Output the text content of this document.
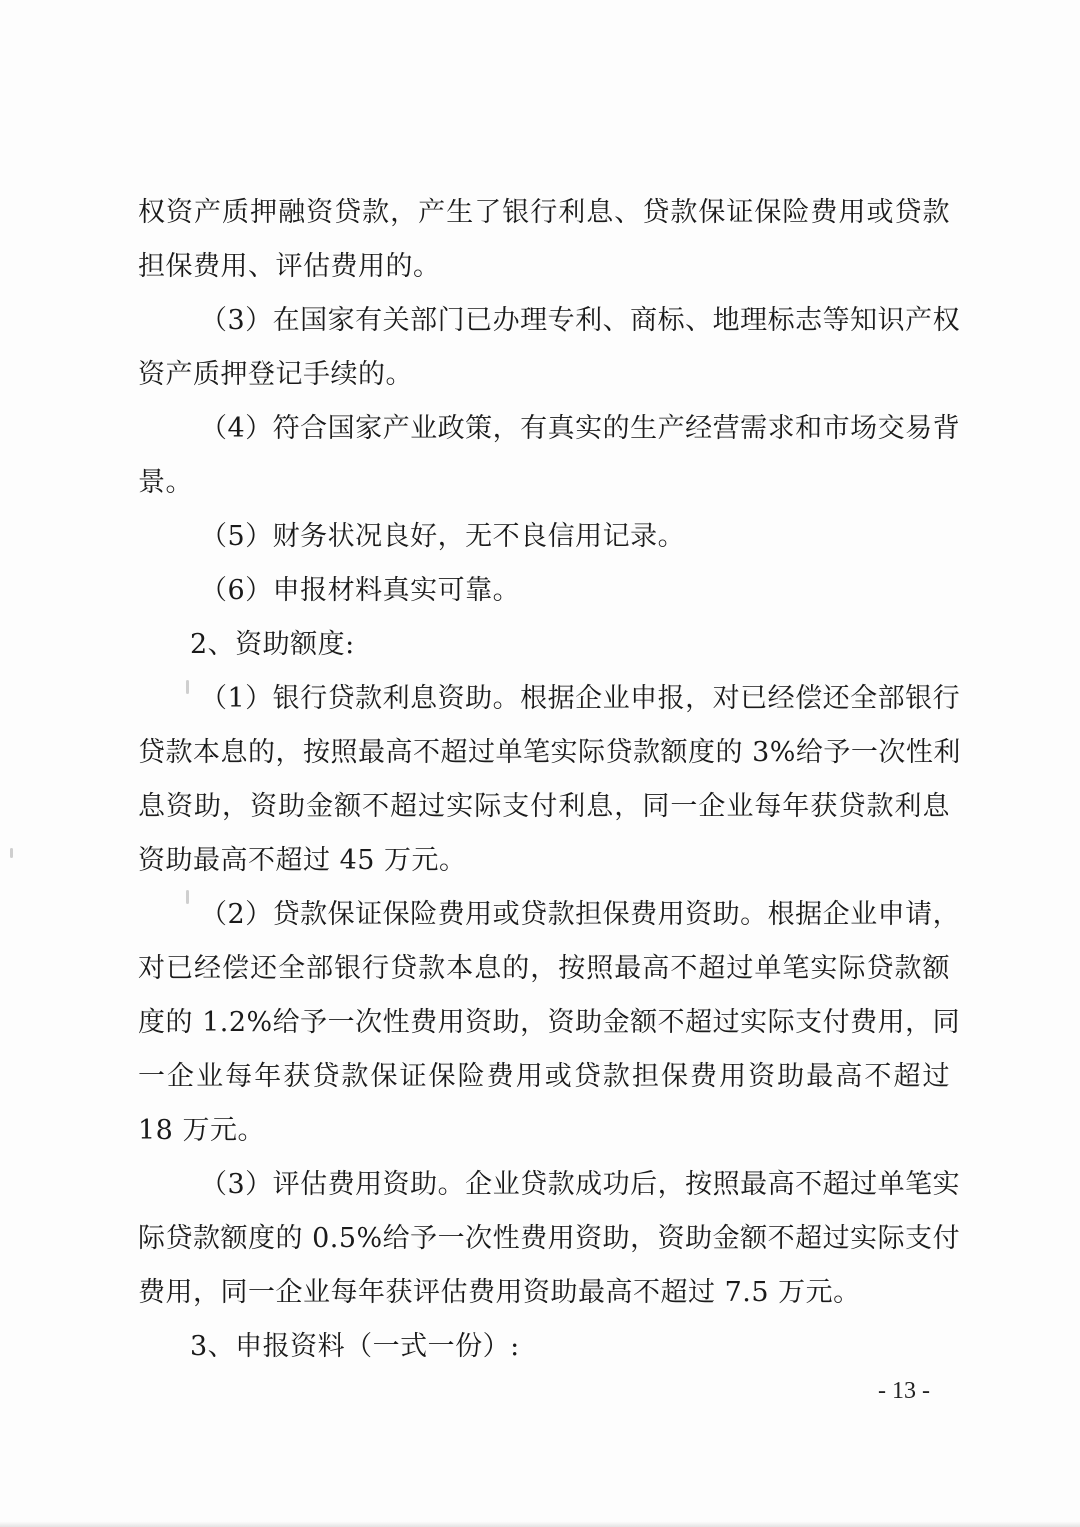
权资产质押融资贷款，产生了银行利息、贷款保证保险费用或贷款
担保费用、评估费用的。
（3）在国家有关部门已办理专利、商标、地理标志等知识产权
资产质押登记手续的。
（4）符合国家产业政策，有真实的生产经营需求和市场交易背
景。
（5）财务状况良好，无不良信用记录。
（6）申报材料真实可靠。
2、资助额度:
（1）银行贷款利息资助。根据企业申报，对已经偿还全部银行
贷款本息的，按照最高不超过单笔实际贷款额度的 3%给予一次性利
息资助，资助金额不超过实际支付利息，同一企业每年获贷款利息
资助最高不超过 45 万元。
（2）贷款保证保险费用或贷款担保费用资助。根据企业申请，
对已经偿还全部银行贷款本息的，按照最高不超过单笔实际贷款额
度的 1.2%给予一次性费用资助，资助金额不超过实际支付费用，同
一企业每年获贷款保证保险费用或贷款担保费用资助最高不超过
18 万元。
（3）评估费用资助。企业贷款成功后，按照最高不超过单笔实
际贷款额度的 0.5%给予一次性费用资助，资助金额不超过实际支付
费用，同一企业每年获评估费用资助最高不超过 7.5 万元。
3、申报资料（一式一份）:
- 13 -
